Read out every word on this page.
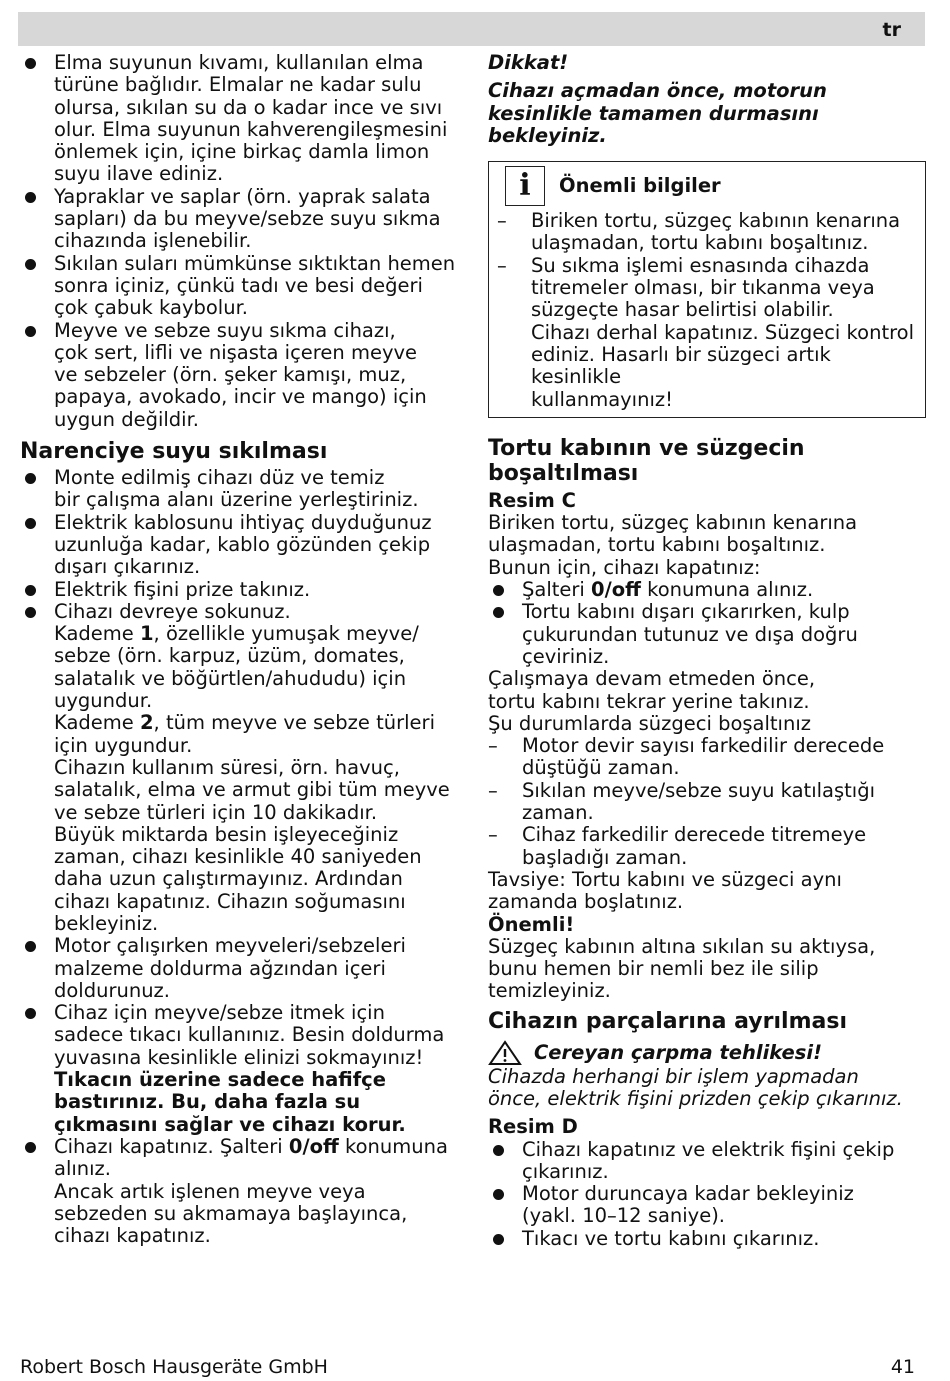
tr
Elma suyunun kıvamı, kullanılan elma
türüne bağlıdır. Elmalar ne kadar sulu
olursa, sıkılan su da o kadar ince ve sıvı
olur. Elma suyunun kahverengileşmesini
önlemek için, içine birkaç damla limon
suyu ilave ediniz.
Yapraklar ve saplar (örn. yaprak salata
sapları) da bu meyve/sebze suyu sıkma
cihazında işlenebilir.
Sıkılan suları mümkünse sıktıktan hemen
sonra içiniz, çünkü tadı ve besi değeri
çok çabuk kaybolur.
Meyve ve sebze suyu sıkma cihazı,
çok sert, lifli ve nişasta içeren meyve
ve sebzeler (örn. şeker kamışı, muz,
papaya, avokado, incir ve mango) için
uygun değildir.
Narenciye suyu sıkılması
Monte edilmiş cihazı düz ve temiz
bir çalışma alanı üzerine yerleştiriniz.
Elektrik kablosunu ihtiyaç duyduğunuz
uzunluğa kadar, kablo gözünden çekip
dışarı çıkarınız.
Elektrik fişini prize takınız.
Cihazı devreye sokunuz.
Kademe 1, özellikle yumuşak meyve/
sebze (örn. karpuz, üzüm, domates,
salatalık ve böğürtlen/ahududu) için
uygundur.
Kademe 2, tüm meyve ve sebze türleri
için uygundur.
Cihazın kullanım süresi, örn. havuç,
salatalık, elma ve armut gibi tüm meyve
ve sebze türleri için 10 dakikadır.
Büyük miktarda besin işleyeceğiniz
zaman, cihazı kesinlikle 40 saniyeden
daha uzun çalıştırmayınız. Ardından
cihazı kapatınız. Cihazın soğumasını
bekleyiniz.
Motor çalışırken meyveleri/sebzeleri
malzeme doldurma ağzından içeri
doldurunuz.
Cihaz için meyve/sebze itmek için
sadece tıkacı kullanınız. Besin doldurma
yuvasına kesinlikle elinizi sokmayınız!
Tıkacın üzerine sadece hafifçe
bastırınız. Bu, daha fazla su
çıkmasını sağlar ve cihazı korur.
Cihazı kapatınız. Şalteri 0/off konumuna
alınız.
Ancak artık işlenen meyve veya
sebzeden su akmamaya başlayınca,
cihazı kapatınız.
Dikkat!
Cihazı açmadan önce, motorun
kesinlikle tamamen durmasını
bekleyiniz.
i	Önemli bilgiler
– Biriken tortu, süzgeç kabının kenarına
ulaşmadan, tortu kabını boşaltınız.
– Su sıkma işlemi esnasında cihazda
titremeler olması, bir tıkanma veya
süzgeçte hasar belirtisi olabilir.
Cihazı derhal kapatınız. Süzgeci kontrol
ediniz. Hasarlı bir süzgeci artık kesinlikle
kullanmayınız!
Tortu kabının ve süzgecin
boşaltılması
Resim C
Biriken tortu, süzgeç kabının kenarına
ulaşmadan, tortu kabını boşaltınız.
Bunun için, cihazı kapatınız:
Şalteri 0/off konumuna alınız.
Tortu kabını dışarı çıkarırken, kulp
çukurundan tutunuz ve dışa doğru
çeviriniz.
Çalışmaya devam etmeden önce,
tortu kabını tekrar yerine takınız.
Şu durumlarda süzgeci boşaltınız
– Motor devir sayısı farkedilir derecede
düştüğü zaman.
– Sıkılan meyve/sebze suyu katılaştığı
zaman.
– Cihaz farkedilir derecede titremeye
başladığı zaman.
Tavsiye: Tortu kabını ve süzgeci aynı
zamanda boşlatınız.
Önemli!
Süzgeç kabının altına sıkılan su aktıysa,
bunu hemen bir nemli bez ile silip
temizleyiniz.
Cihazın parçalarına ayrılması
Cereyan çarpma tehlikesi!
Cihazda herhangi bir işlem yapmadan
önce, elektrik fişini prizden çekip çıkarınız.
Resim D
Cihazı kapatınız ve elektrik fişini çekip
çıkarınız.
Motor duruncaya kadar bekleyiniz
(yakl. 10–12 saniye).
Tıkacı ve tortu kabını çıkarınız.
Robert Bosch Hausgeräte GmbH	41
